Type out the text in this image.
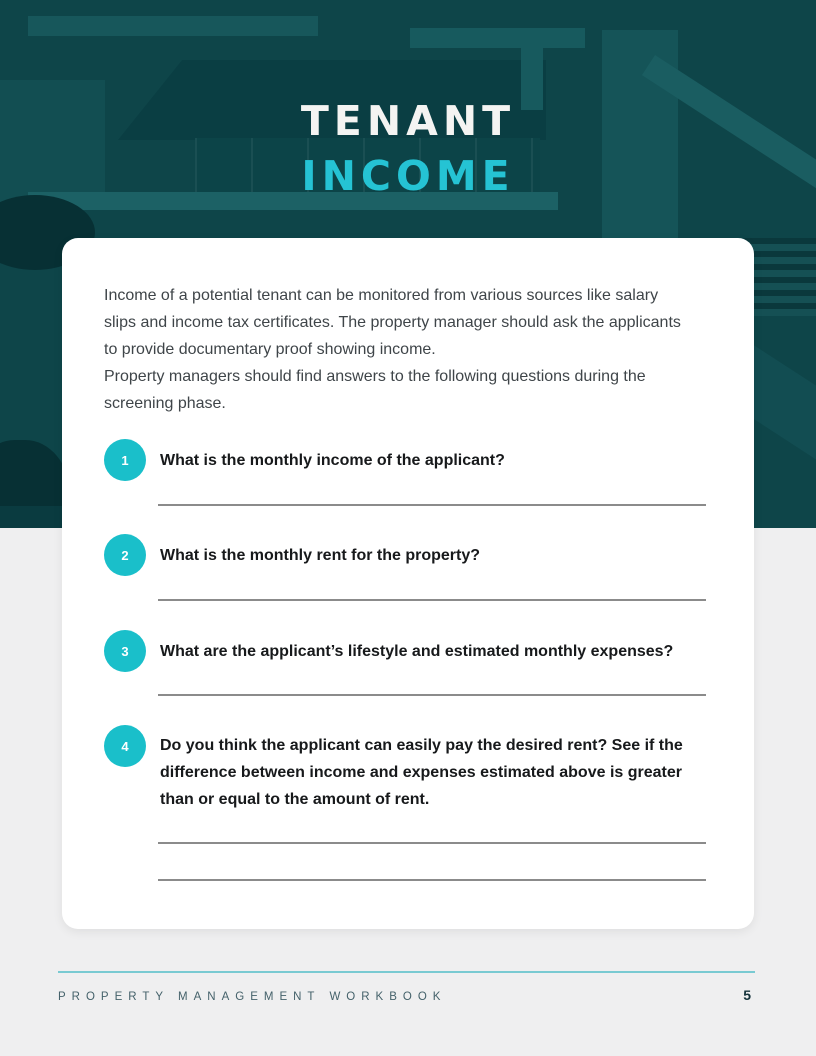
TENANT
INCOME

Income of a potential tenant can be monitored from various sources like salary slips and income tax certificates. The property manager should ask the applicants to provide documentary proof showing income.

Property managers should find answers to the following questions during the screening phase.

1	What is the monthly income of the applicant?
2	What is the monthly rent for the property?
3	What are the applicant’s lifestyle and estimated monthly expenses?
4	Do you think the applicant can easily pay the desired rent? See if the difference between income and expenses estimated above is greater than or equal to the amount of rent.
PROPERTY MANAGEMENT WORKBOOK	5
